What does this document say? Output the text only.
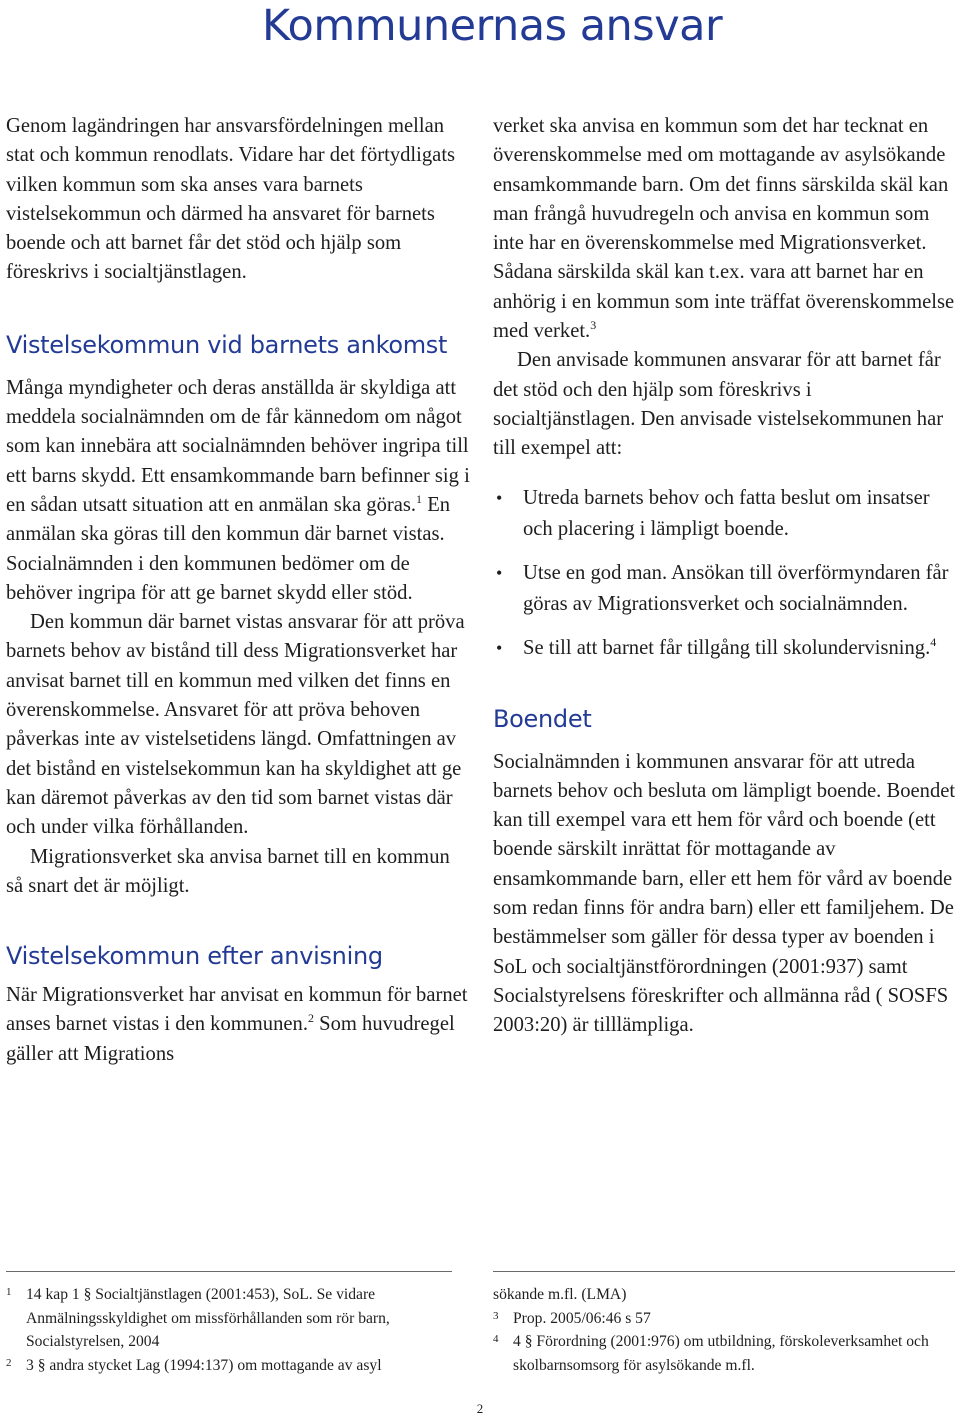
Kommunernas ansvar

Genom lagändringen har ansvarsfördelningen mellan stat och kommun renodlats. Vidare har det förtydligats vilken kommun som ska anses vara barnets vistelsekommun och därmed ha ansvaret för barnets boende och att barnet får det stöd och hjälp som föreskrivs i socialtjänstlagen.

Vistelsekommun vid barnets ankomst

Många myndigheter och deras anställda är skyldiga att meddela socialnämnden om de får kännedom om något som kan innebära att socialnämnden behöver ingripa till ett barns skydd. Ett ensamkommande barn befinner sig i en sådan utsatt situation att en anmälan ska göras.$^1$ En anmälan ska göras till den kommun där barnet vistas. Socialnämnden i den kommunen bedömer om de behöver ingripa för att ge barnet skydd eller stöd.

Den kommun där barnet vistas ansvarar för att pröva barnets behov av bistånd till dess Migrationsverket har anvisat barnet till en kommun med vilken det finns en överenskommelse. Ansvaret för att pröva behoven påverkas inte av vistelsetidens längd. Omfattningen av det bistånd en vistelsekommun kan ha skyldighet att ge kan däremot påverkas av den tid som barnet vistas där och under vilka förhållanden.

Migrationsverket ska anvisa barnet till en kommun så snart det är möjligt.

Vistelsekommun efter anvisning

När Migrationsverket har anvisat en kommun för barnet anses barnet vistas i den kommunen.$^2$ Som huvudregel gäller att Migrations

verket ska anvisa en kommun som det har tecknat en överenskommelse med om mottagande av asylsökande ensamkommande barn. Om det finns särskilda skäl kan man frångå huvudregeln och anvisa en kommun som inte har en överenskommelse med Migrationsverket. Sådana särskilda skäl kan t.ex. vara att barnet har en anhörig i en kommun som inte träffat överenskommelse med verket.$^3$

Den anvisade kommunen ansvarar för att barnet får det stöd och den hjälp som föreskrivs i socialtjänstlagen. Den anvisade vistelsekommunen har till exempel att:

• Utreda barnets behov och fatta beslut om insatser och placering i lämpligt boende.
• Utse en god man. Ansökan till överförmyndaren får göras av Migrationsverket och socialnämnden.
• Se till att barnet får tillgång till skolundervisning.$^4$
Boendet

Socialnämnden i kommunen ansvarar för att utreda barnets behov och besluta om lämpligt boende. Boendet kan till exempel vara ett hem för vård och boende (ett boende särskilt inrättat för mottagande av ensamkommande barn, eller ett hem för vård av boende som redan finns för andra barn) eller ett familjehem. De bestämmelser som gäller för dessa typer av boenden i SoL och socialtjänstförordningen (2001:937) samt Socialstyrelsens föreskrifter och allmänna råd ( SOSFS 2003:20) är tilllämpliga.

1 14 kap 1 § Socialtjänstlagen (2001:453), SoL. Se vidare Anmälningsskyldighet om missförhållanden som rör barn, Socialstyrelsen, 2004
2 3 § andra stycket Lag (1994:137) om mottagande av asyl
sökande m.fl. (LMA)
3 Prop. 2005/06:46 s 57
4 4 § Förordning (2001:976) om utbildning, förskoleverksamhet och skolbarnsomsorg för asylsökande m.fl.
2
